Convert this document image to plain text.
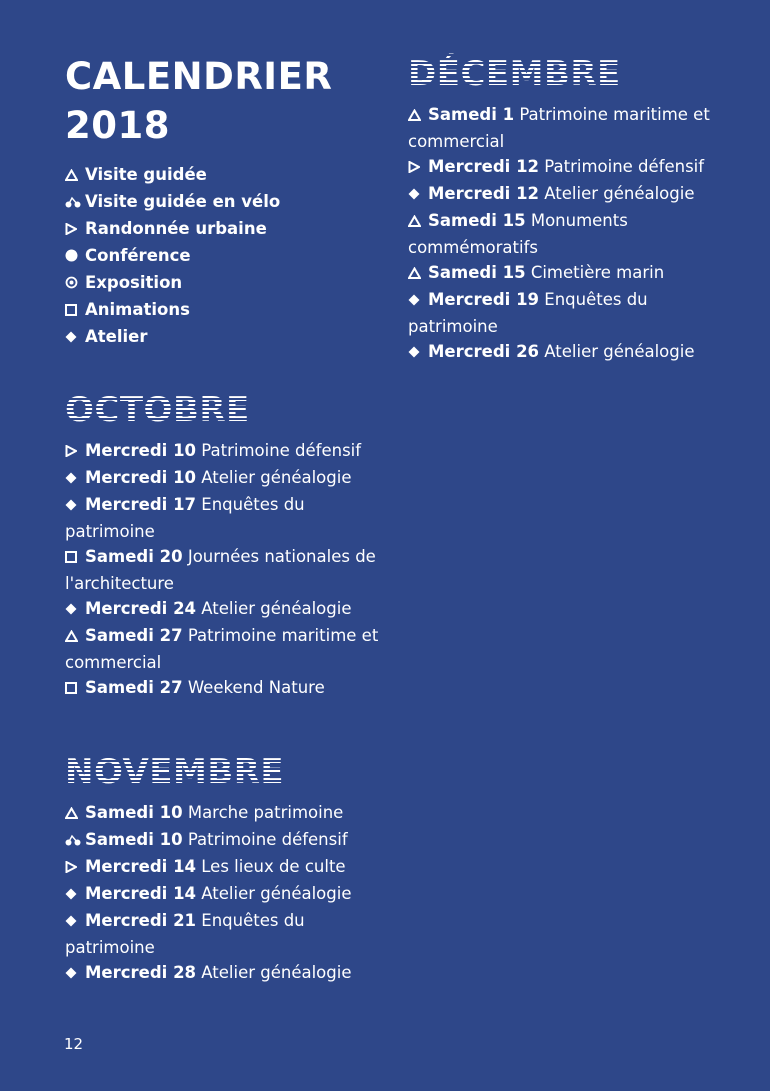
CALENDRIER
2018
Visite guidée
Visite guidée en vélo
Randonnée urbaine
Conférence
Exposition
Animations
Atelier
OCTOBRE
Mercredi 10 Patrimoine défensif
Mercredi 10 Atelier généalogie
Mercredi 17 Enquêtes du patrimoine
Samedi 20 Journées nationales de l'architecture
Mercredi 24 Atelier généalogie
Samedi 27 Patrimoine maritime et commercial
Samedi 27 Weekend Nature
NOVEMBRE
Samedi 10 Marche patrimoine
Samedi 10 Patrimoine défensif
Mercredi 14 Les lieux de culte
Mercredi 14 Atelier généalogie
Mercredi 21 Enquêtes du patrimoine
Mercredi 28 Atelier généalogie
DÉCEMBRE
Samedi 1 Patrimoine maritime et commercial
Mercredi 12 Patrimoine défensif
Mercredi 12 Atelier généalogie
Samedi 15 Monuments commémoratifs
Samedi 15 Cimetière marin
Mercredi 19 Enquêtes du patrimoine
Mercredi 26 Atelier généalogie
12
